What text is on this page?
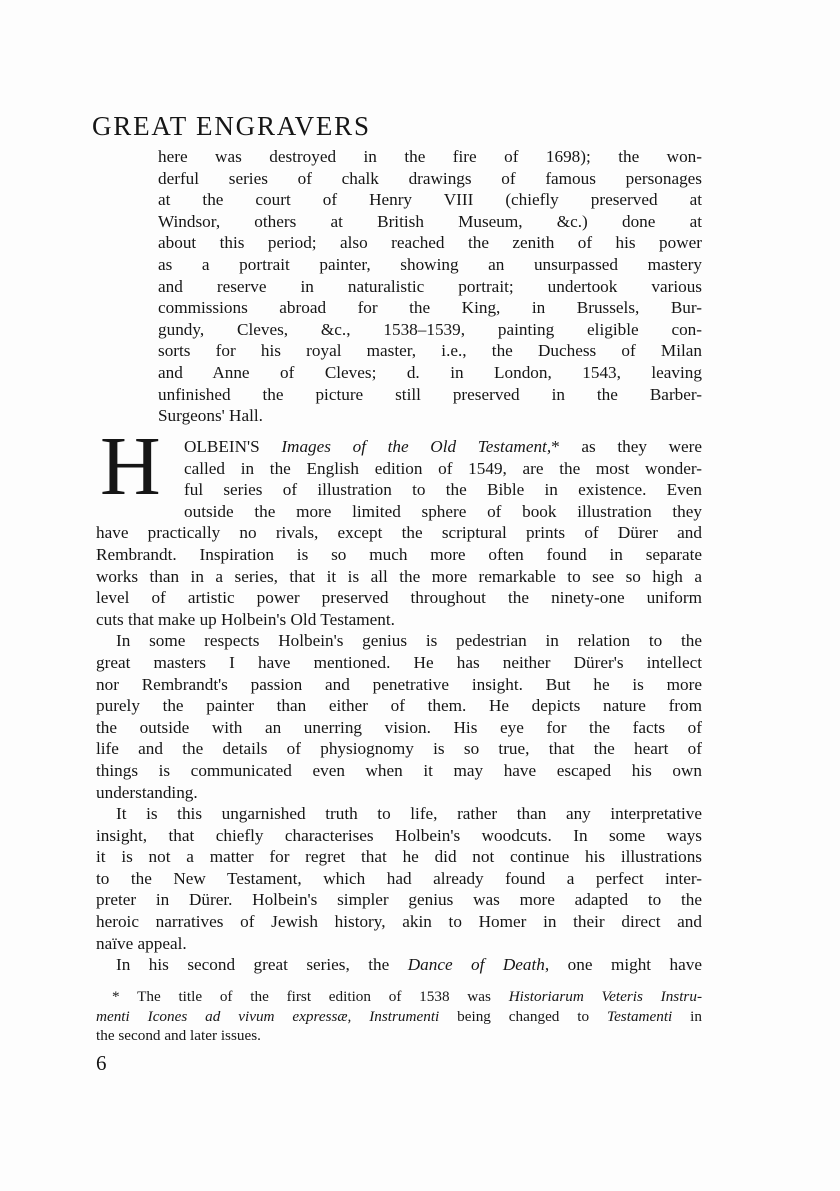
GREAT ENGRAVERS
here was destroyed in the fire of 1698); the won-
derful series of chalk drawings of famous personages
at the court of Henry VIII (chiefly preserved at
Windsor, others at British Museum, &c.) done at
about this period; also reached the zenith of his power
as a portrait painter, showing an unsurpassed mastery
and reserve in naturalistic portrait; undertook various
commissions abroad for the King, in Brussels, Bur-
gundy, Cleves, &c., 1538–1539, painting eligible con-
sorts for his royal master, i.e., the Duchess of Milan
and Anne of Cleves; d. in London, 1543, leaving
unfinished the picture still preserved in the Barber-
Surgeons' Hall.

H	OLBEIN'S Images of the Old Testament,* as they were
called in the English edition of 1549, are the most wonder-
ful series of illustration to the Bible in existence. Even
outside the more limited sphere of book illustration they
have practically no rivals, except the scriptural prints of Dürer and
Rembrandt. Inspiration is so much more often found in separate
works than in a series, that it is all the more remarkable to see so high a
level of artistic power preserved throughout the ninety-one uniform
cuts that make up Holbein's Old Testament.

In some respects Holbein's genius is pedestrian in relation to the
great masters I have mentioned. He has neither Dürer's intellect
nor Rembrandt's passion and penetrative insight. But he is more
purely the painter than either of them. He depicts nature from
the outside with an unerring vision. His eye for the facts of
life and the details of physiognomy is so true, that the heart of
things is communicated even when it may have escaped his own
understanding.

It is this ungarnished truth to life, rather than any interpretative
insight, that chiefly characterises Holbein's woodcuts. In some ways
it is not a matter for regret that he did not continue his illustrations
to the New Testament, which had already found a perfect inter-
preter in Dürer. Holbein's simpler genius was more adapted to the
heroic narratives of Jewish history, akin to Homer in their direct and
naïve appeal.

In his second great series, the Dance of Death, one might have

* The title of the first edition of 1538 was Historiarum Veteris Instru-
menti Icones ad vivum expressæ, Instrumenti being changed to Testamenti in
the second and later issues.
6
